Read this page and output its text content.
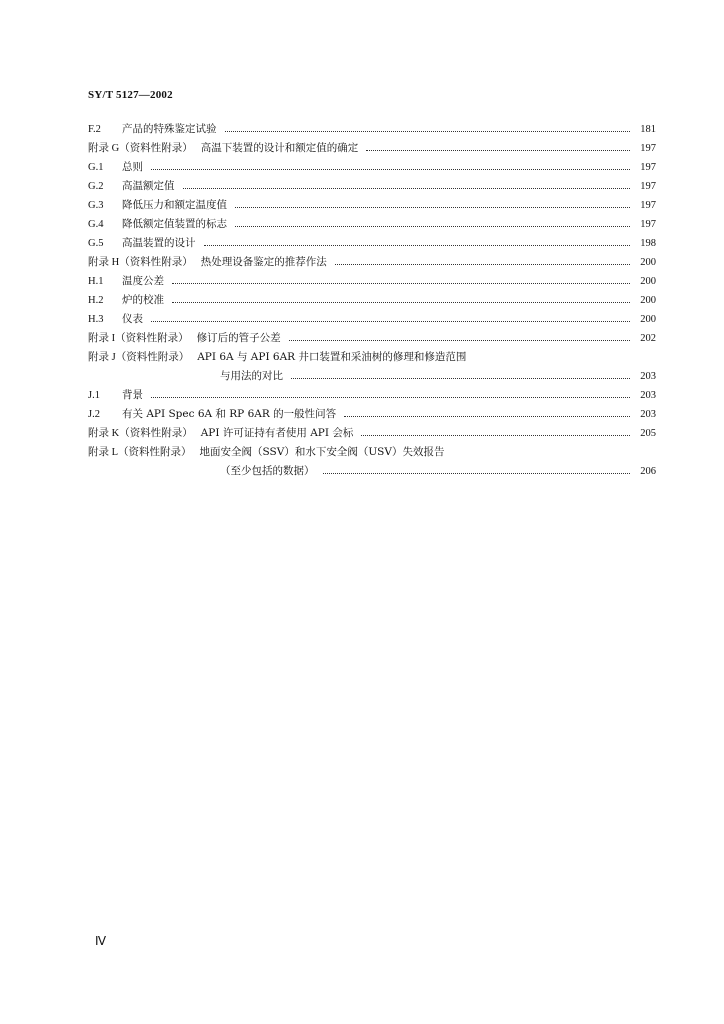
SY/T 5127—2002
F.2 产品的特殊鉴定试验	181
附录 G（资料性附录） 高温下装置的设计和额定值的确定	197
G.1 总则	197
G.2 高温额定值	197
G.3 降低压力和额定温度值	197
G.4 降低额定值装置的标志	197
G.5 高温装置的设计	198
附录 H（资料性附录） 热处理设备鉴定的推荐作法	200
H.1 温度公差	200
H.2 炉的校准	200
H.3 仪表	200
附录 I（资料性附录） 修订后的管子公差	202
附录 J（资料性附录） API 6A 与 API 6AR 井口装置和采油树的修理和修造范围
与用法的对比	203
J.1 背景	203
J.2 有关 API Spec 6A 和 RP 6AR 的一般性问答	203
附录 K（资料性附录） API 许可证持有者使用 API 会标	205
附录 L（资料性附录） 地面安全阀（SSV）和水下安全阀（USV）失效报告
（至少包括的数据）	206
Ⅳ
